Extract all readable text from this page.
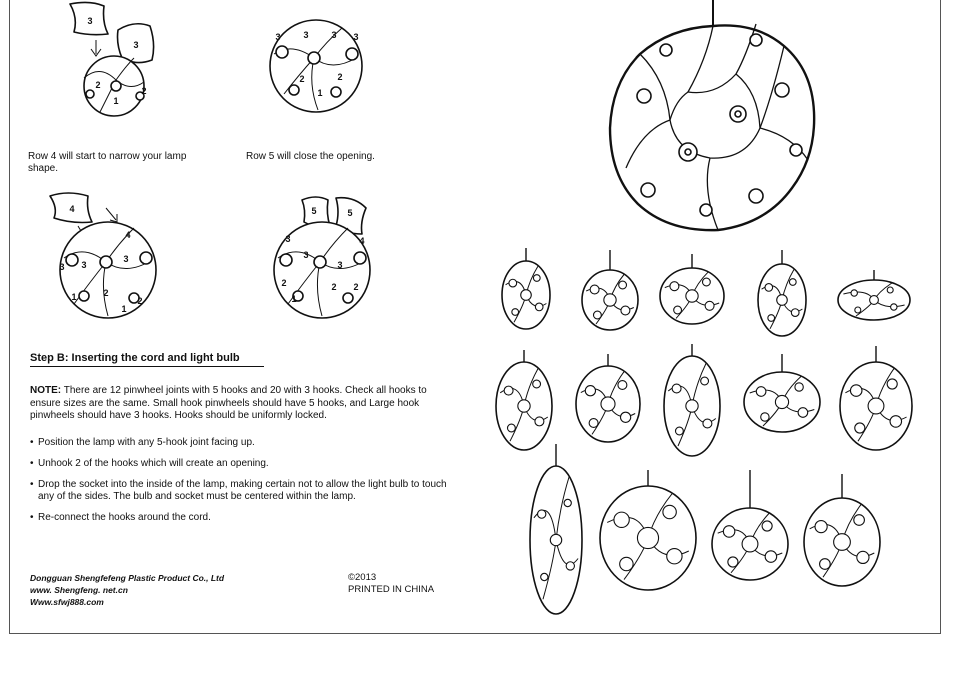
3
3
2
1
2
3	3	3 3
2
1
2
Row 4 will start to narrow your lamp shape.
Row 5 will close the opening.
4
4
3 3
3
1	2
1
2
5	5
3
3
3
4
2
1
2 2
Step B: Inserting the cord and light bulb
NOTE: There are 12 pinwheel joints with 5 hooks and 20 with 3 hooks. Check all hooks to ensure sizes are the same. Small hook pinwheels should have 5 hooks, and Large hook pinwheels should have 3 hooks. Hooks should be uniformly locked.
• Position the lamp with any 5-hook joint facing up.
• Unhook 2 of the hooks which will create an opening.
• Drop the socket into the inside of the lamp, making certain not to allow the light bulb to touch any of the sides. The bulb and socket must be centered within the lamp.
• Re-connect the hooks around the cord.
Dongguan Shengfefeng Plastic Product Co., Ltd
www. Shengfeng. net.cn
Www.sfwj888.com
©2013
PRINTED IN CHINA
